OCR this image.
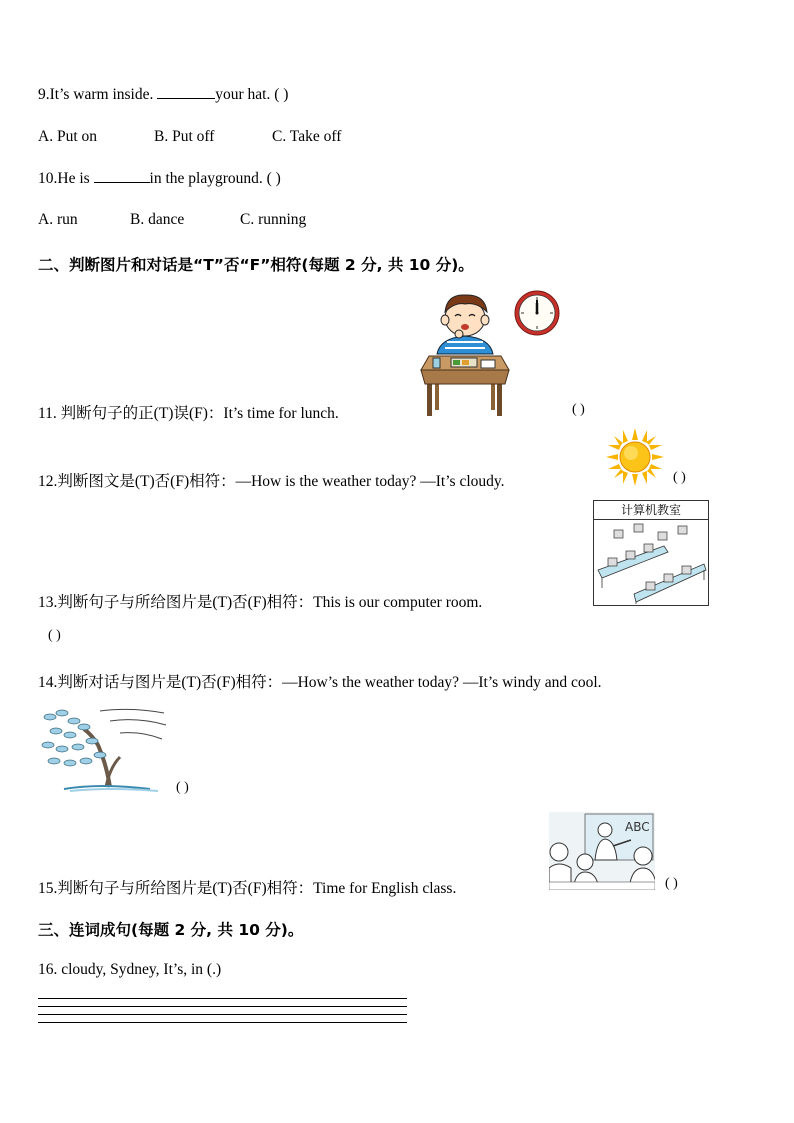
9.It’s warm inside.	your hat. ( )
A. Put on	B. Put off	C. Take off
10.He is	in the playground. ( )
A. run	B. dance	C. running
二、判断图片和对话是“T”否“F”相符(每题 2 分, 共 10 分)。
11. 判断句子的正(T)误(F)：It’s time for lunch.	( )
12.判断图文是(T)否(F)相符：—How is the weather today? —It’s cloudy.	( )
计算机教室
13.判断句子与所给图片是(T)否(F)相符：This is our computer room.
( )
14.判断对话与图片是(T)否(F)相符：—How’s the weather today? —It’s windy and cool.
( )
ABC
15.判断句子与所给图片是(T)否(F)相符：Time for English class.	( )
三、连词成句(每题 2 分, 共 10 分)。
16. cloudy, Sydney, It’s, in (.)
